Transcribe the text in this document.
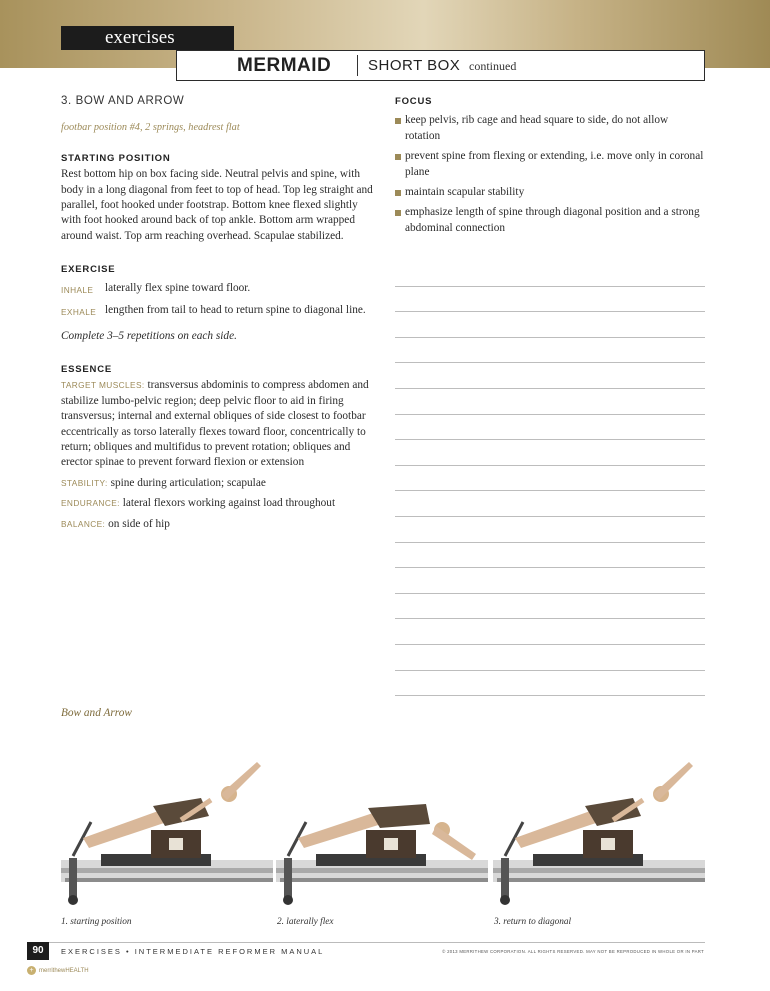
exercises
MERMAID SHORT BOX continued
3. BOW AND ARROW
footbar position #4, 2 springs, headrest flat
STARTING POSITION
Rest bottom hip on box facing side. Neutral pelvis and spine, with body in a long diagonal from feet to top of head. Top leg straight and parallel, foot hooked under footstrap. Bottom knee flexed slightly with foot hooked around back of top ankle. Bottom arm wrapped around waist. Top arm reaching overhead. Scapulae stabilized.
EXERCISE
INHALE	laterally flex spine toward floor.
EXHALE lengthen from tail to head to return spine to diagonal line.
Complete 3–5 repetitions on each side.
ESSENCE
TARGET MUSCLES: transversus abdominis to compress abdomen and stabilize lumbo-pelvic region; deep pelvic floor to aid in firing transversus; internal and external obliques of side closest to footbar eccentrically as torso laterally flexes toward floor, concentrically to return; obliques and multifidus to prevent rotation; obliques and erector spinae to prevent forward flexion or extension
STABILITY: spine during articulation; scapulae
ENDURANCE: lateral flexors working against load throughout
BALANCE: on side of hip
FOCUS
keep pelvis, rib cage and head square to side, do not allow rotation
prevent spine from flexing or extending, i.e. move only in coronal plane
maintain scapular stability
emphasize length of spine through diagonal position and a strong abdominal connection
Bow and Arrow
1. starting position	2. laterally flex	3. return to diagonal
90	EXERCISES • INTERMEDIATE REFORMER MANUAL	© 2013 MERRITHEW CORPORATION. ALL RIGHTS RESERVED. MAY NOT BE REPRODUCED IN WHOLE OR IN PART
+ merrithewHEALTH
